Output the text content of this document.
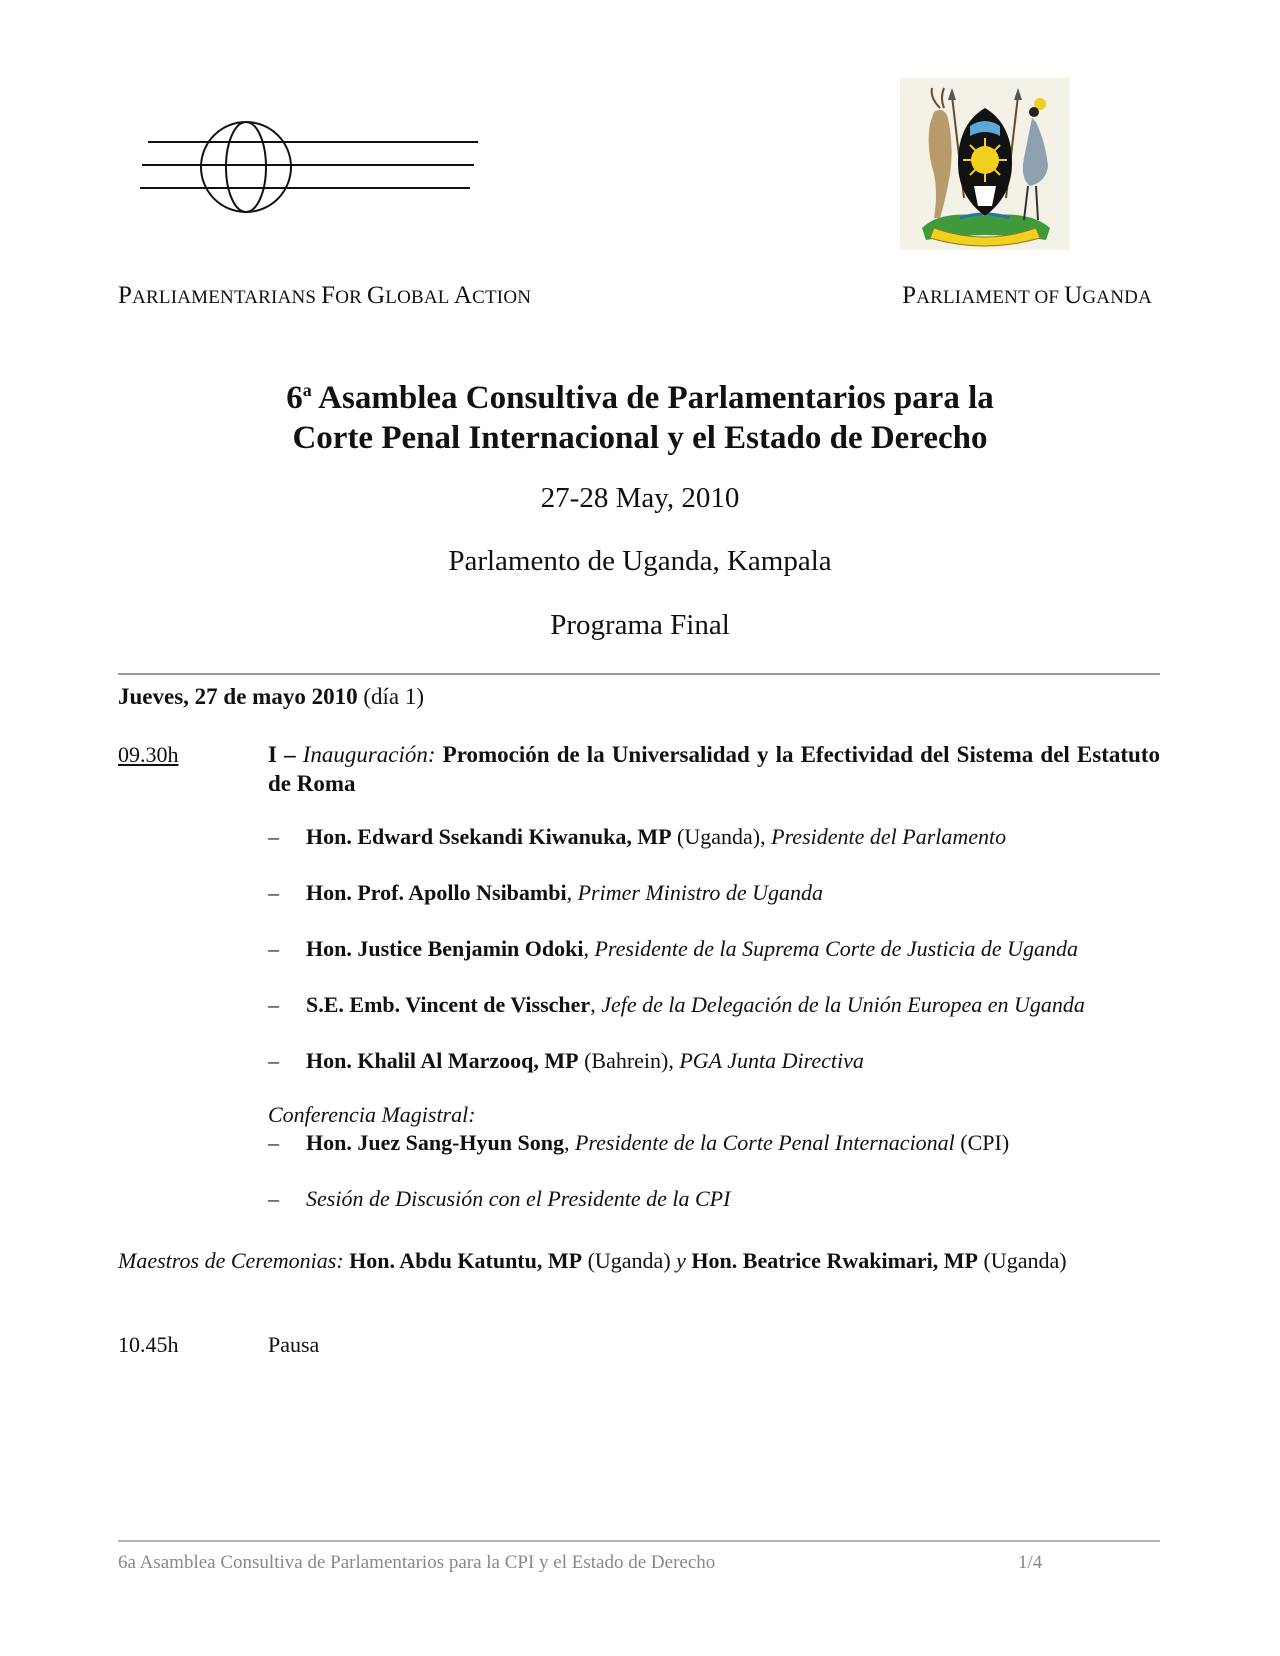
PARLIAMENTARIANS FOR GLOBAL ACTION	PARLIAMENT OF UGANDA
6$^a$ Asamblea Consultiva de Parlamentarios para la
Corte Penal Internacional y el Estado de Derecho
27-28 May, 2010
Parlamento de Uganda, Kampala
Programa Final
Jueves, 27 de mayo 2010 (día 1)
09.30h	I – Inauguración: Promoción de la Universalidad y la Efectividad del Sistema del Estatuto de Roma
– Hon. Edward Ssekandi Kiwanuka, MP (Uganda), Presidente del Parlamento
– Hon. Prof. Apollo Nsibambi, Primer Ministro de Uganda
– Hon. Justice Benjamin Odoki, Presidente de la Suprema Corte de Justicia de Uganda
– S.E. Emb. Vincent de Visscher, Jefe de la Delegación de la Unión Europea en Uganda
– Hon. Khalil Al Marzooq, MP (Bahrein), PGA Junta Directiva
Conferencia Magistral:
– Hon. Juez Sang-Hyun Song, Presidente de la Corte Penal Internacional (CPI)
– Sesión de Discusión con el Presidente de la CPI
Maestros de Ceremonias: Hon. Abdu Katuntu, MP (Uganda) y Hon. Beatrice Rwakimari, MP (Uganda)
10.45h	Pausa
6a Asamblea Consultiva de Parlamentarios para la CPI y el Estado de Derecho	1/4
